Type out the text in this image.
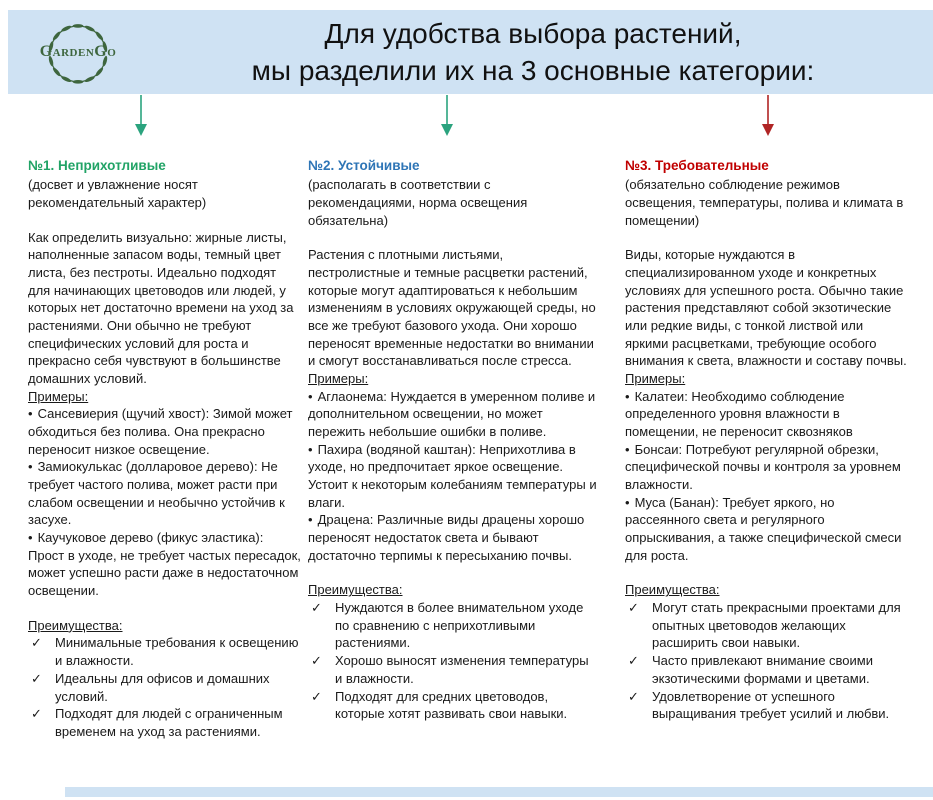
GardenGo
Для удобства выбора растений,
мы разделили их на 3 основные категории:
№1. Неприхотливые

(досвет и увлажнение носят рекомендательный характер)

Как определить визуально: жирные листы, наполненные запасом воды, темный цвет листа, без пестроты. Идеально подходят для начинающих цветоводов или людей, у которых нет достаточно времени на уход за растениями. Они обычно не требуют специфических условий для роста и прекрасно себя чувствуют в большинстве домашних условий.

Примеры:

• Сансевиерия (щучий хвост): Зимой может обходиться без полива. Она прекрасно переносит низкое освещение.

• Замиокулькас (долларовое дерево): Не требует частого полива, может расти при слабом освещении и необычно устойчив к засухе.

• Каучуковое дерево (фикус эластика): Прост в уходе, не требует частых пересадок, может успешно расти даже в недостаточном освещении.

Преимущества:

✓ Минимальные требования к освещению и влажности.

✓ Идеальны для офисов и домашних условий.

✓ Подходят для людей с ограниченным временем на уход за растениями.

№2. Устойчивые

(располагать в соответствии с рекомендациями, норма освещения обязательна)

Растения с плотными листьями, пестролистные и темные расцветки растений, которые могут адаптироваться к небольшим изменениям в условиях окружающей среды, но все же требуют базового ухода. Они хорошо переносят временные недостатки во внимании и смогут восстанавливаться после стресса.

Примеры:

• Аглаонема: Нуждается в умеренном поливе и дополнительном освещении, но может пережить небольшие ошибки в поливе.

• Пахира (водяной каштан): Неприхотлива в уходе, но предпочитает яркое освещение. Устоит к некоторым колебаниям температуры и влаги.

• Драцена: Различные виды драцены хорошо переносят недостаток света и бывают достаточно терпимы к пересыханию почвы.

Преимущества:

✓ Нуждаются в более внимательном уходе по сравнению с неприхотливыми растениями.

✓ Хорошо выносят изменения температуры и влажности.

✓ Подходят для средних цветоводов, которые хотят развивать свои навыки.

№3. Требовательные

(обязательно соблюдение режимов освещения, температуры, полива и климата в помещении)

Виды, которые нуждаются в специализированном уходе и конкретных условиях для успешного роста. Обычно такие растения представляют собой экзотические или редкие виды, с тонкой листвой или яркими расцветками, требующие особого внимания к света, влажности и составу почвы.

Примеры:

• Калатеи: Необходимо соблюдение определенного уровня влажности в помещении, не переносит сквозняков

• Бонсаи: Потребуют регулярной обрезки, специфической почвы и контроля за уровнем влажности.

• Муса (Банан): Требует яркого, но рассеянного света и регулярного опрыскивания, а также специфической смеси для роста.

Преимущества:

✓ Могут стать прекрасными проектами для опытных цветоводов желающих расширить свои навыки.

✓ Часто привлекают внимание своими экзотическими формами и цветами.

✓ Удовлетворение от успешного выращивания требует усилий и любви.
